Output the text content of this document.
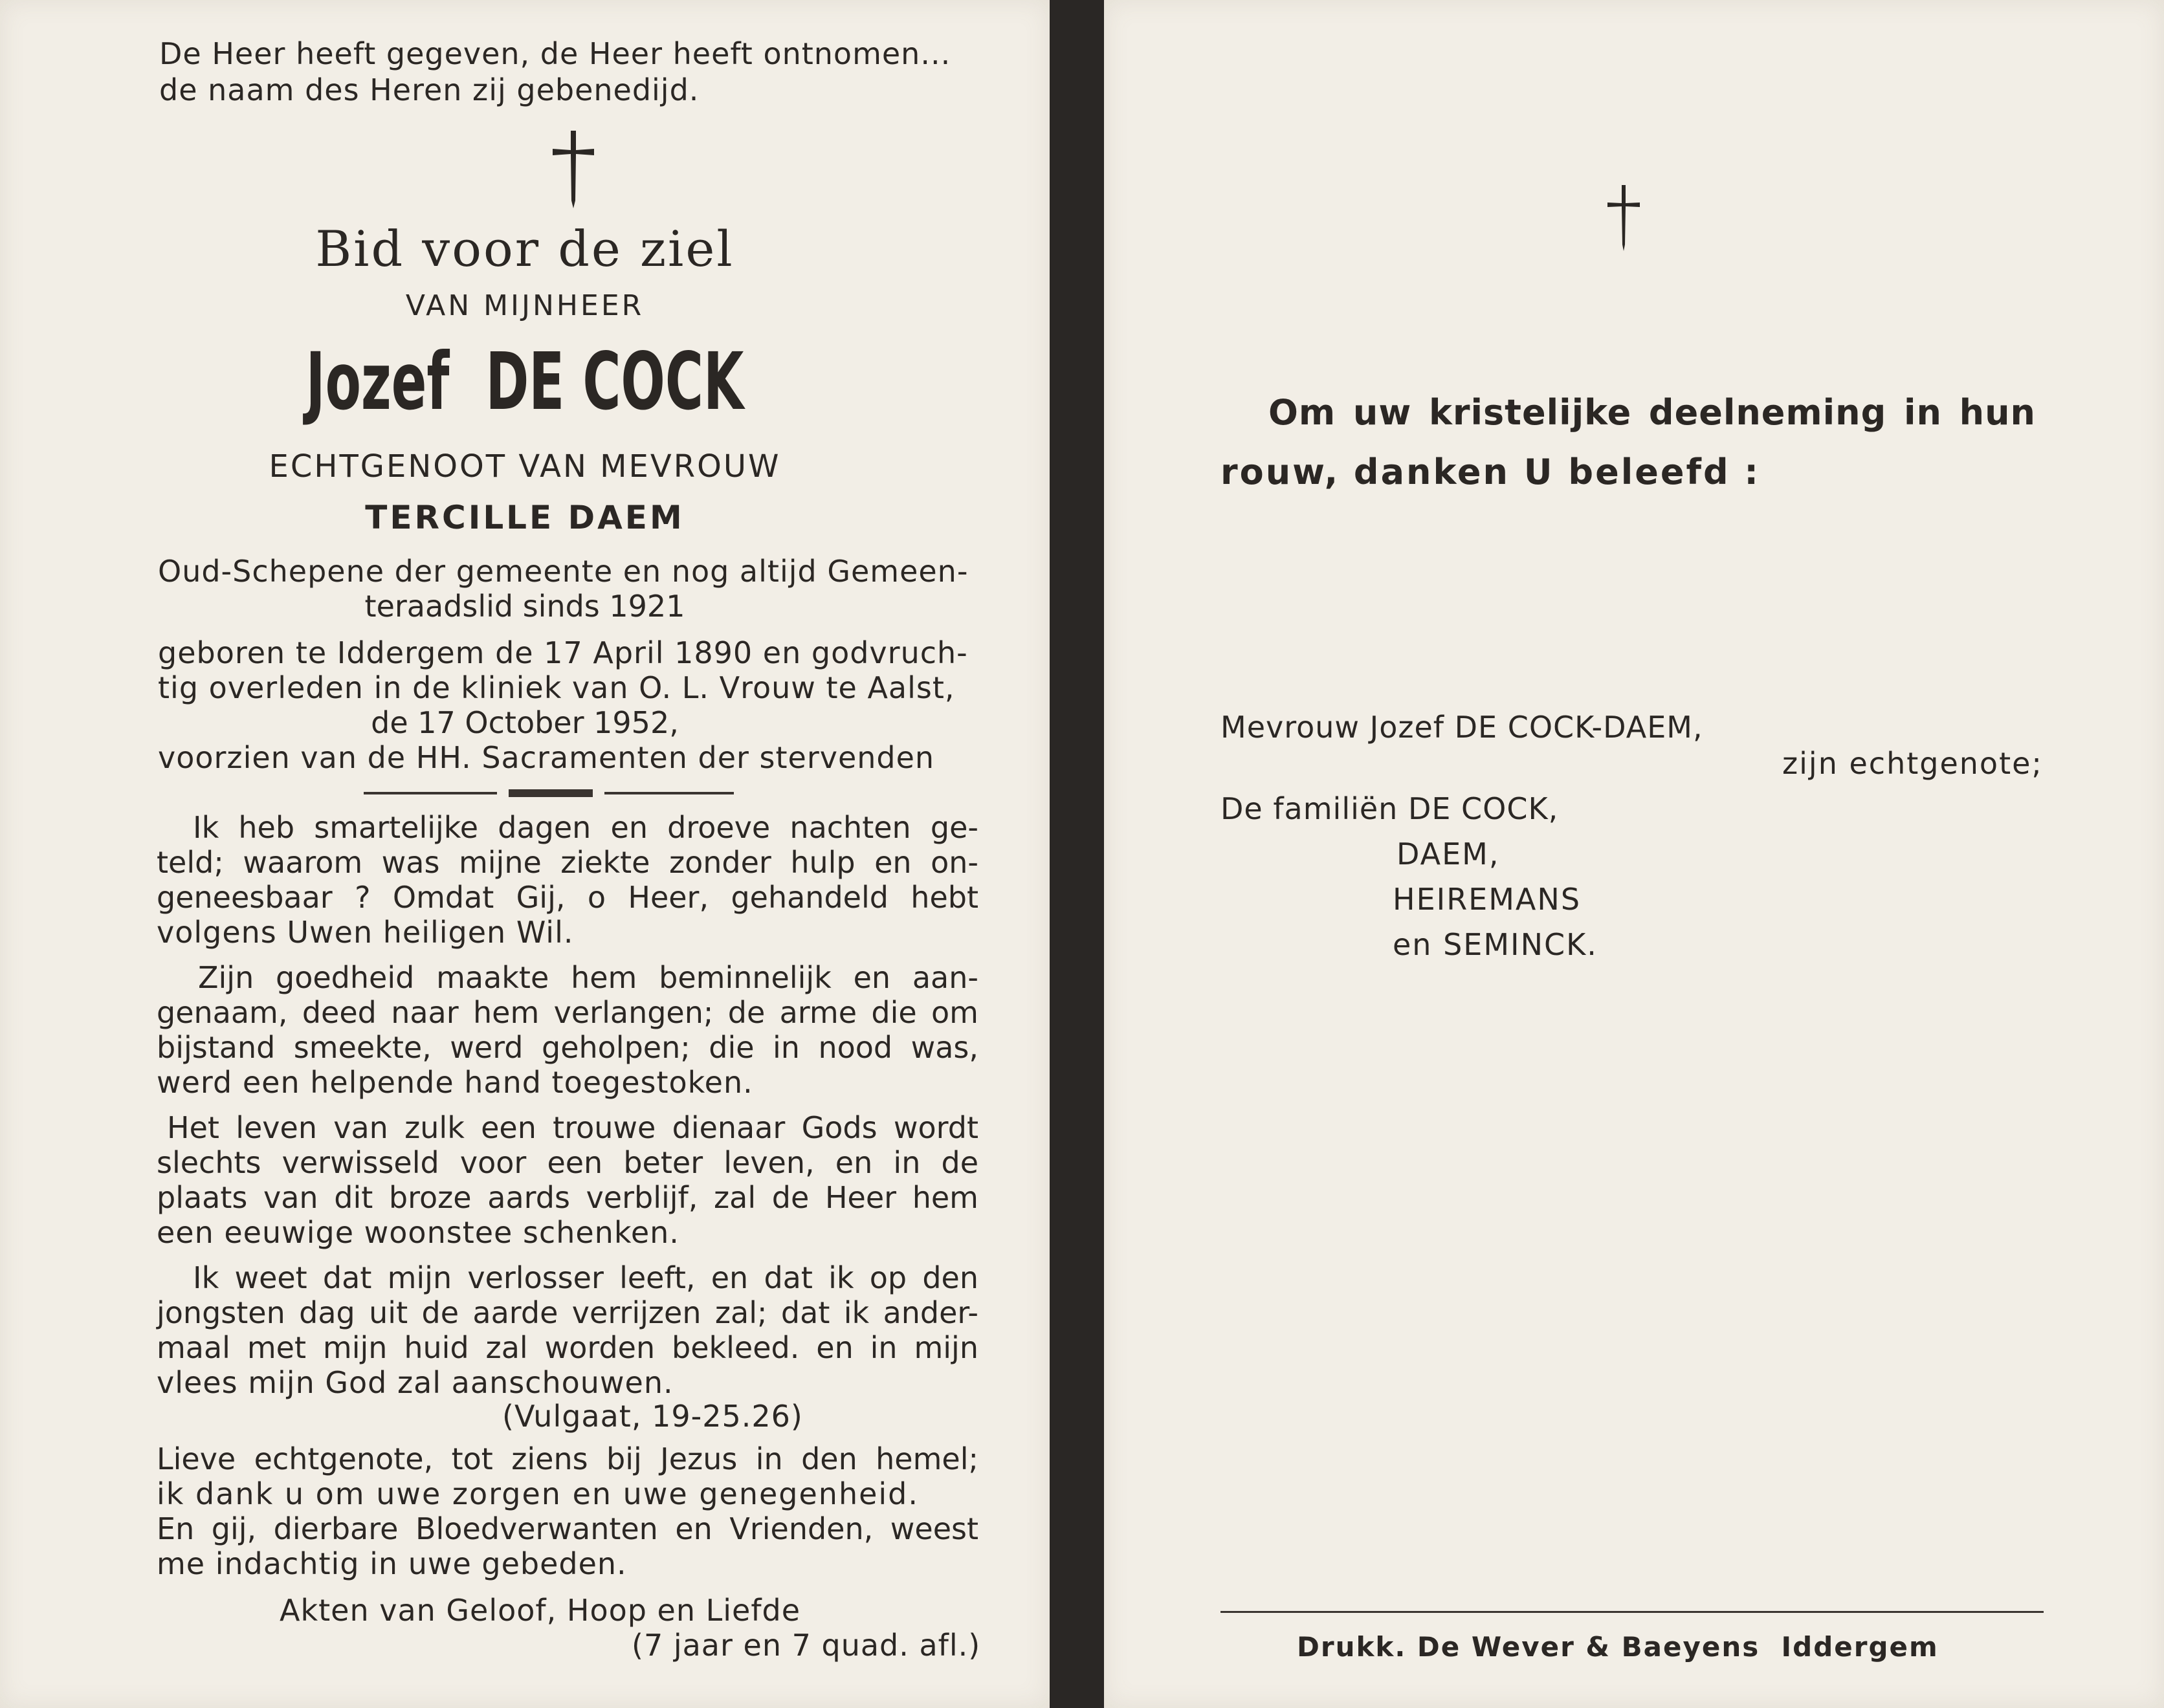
De Heer heeft gegeven, de Heer heeft ontnomen...
de naam des Heren zij gebenedijd.
Bid voor de ziel
VAN MIJNHEER
Jozef  DE COCK
ECHTGENOOT VAN MEVROUW
TERCILLE DAEM
Oud-Schepene der gemeente en nog altijd Gemeen-
teraadslid sinds 1921
geboren te Iddergem de 17 April 1890 en godvruch-
tig overleden in de kliniek van O. L. Vrouw te Aalst,
de 17 October 1952,
voorzien van de HH. Sacramenten der stervenden
Ik heb smartelijke dagen en droeve nachten ge-
teld; waarom was mijne ziekte zonder hulp en on-
geneesbaar ? Omdat Gij, o Heer, gehandeld hebt
volgens Uwen heiligen Wil.
Zijn goedheid maakte hem beminnelijk en aan-
genaam, deed naar hem verlangen; de arme die om
bijstand smeekte, werd geholpen; die in nood was,
werd een helpende hand toegestoken.
Het leven van zulk een trouwe dienaar Gods wordt
slechts verwisseld voor een beter leven, en in de
plaats van dit broze aards verblijf, zal de Heer hem
een eeuwige woonstee schenken.
Ik weet dat mijn verlosser leeft, en dat ik op den
jongsten dag uit de aarde verrijzen zal; dat ik ander-
maal met mijn huid zal worden bekleed. en in mijn
vlees mijn God zal aanschouwen.
(Vulgaat, 19-25.26)
Lieve echtgenote, tot ziens bij Jezus in den hemel;
ik dank u om uwe zorgen en uwe genegenheid.
En gij, dierbare Bloedverwanten en Vrienden, weest
me indachtig in uwe gebeden.
Akten van Geloof, Hoop en Liefde
(7 jaar en 7 quad. afl.)
Om uw kristelijke deelneming in hun
rouw, danken U beleefd :
Mevrouw Jozef DE COCK-DAEM,
zijn echtgenote;
De familiën DE COCK,
DAEM,
HEIREMANS
en SEMINCK.
Drukk. De Wever & Baeyens  Iddergem
